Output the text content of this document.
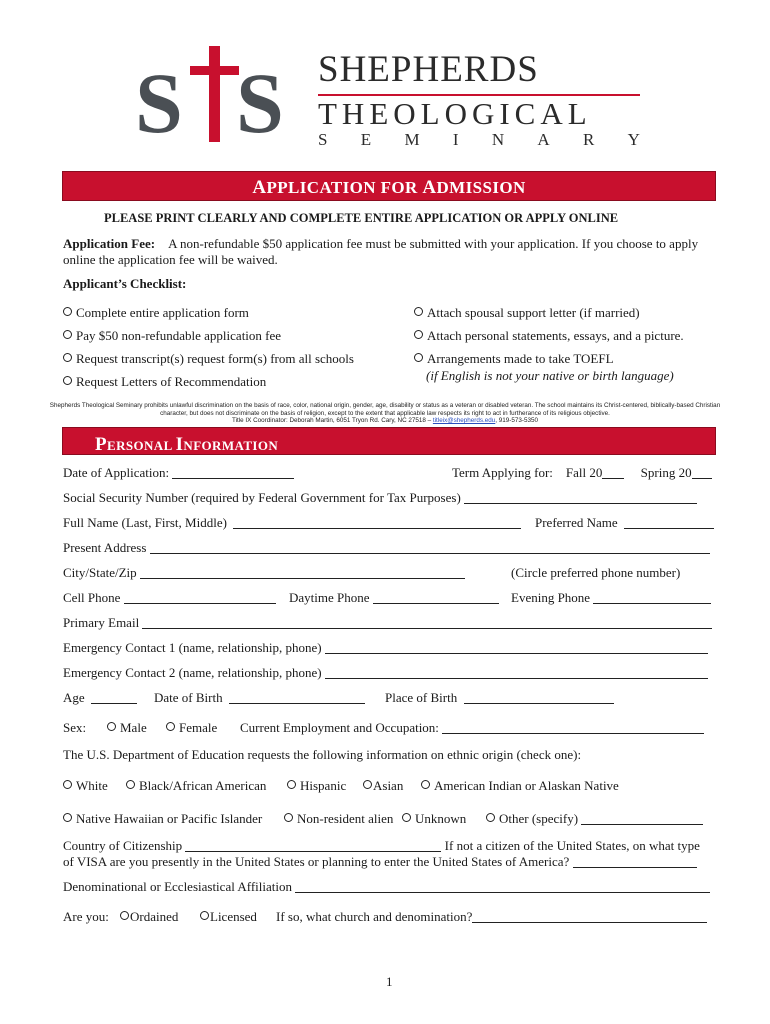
S S SHEPHERDS
THEOLOGICAL
S E M I N A R Y
APPLICATION FOR ADMISSION
PLEASE PRINT CLEARLY AND COMPLETE ENTIRE APPLICATION OR APPLY ONLINE
Application Fee: A non-refundable $50 application fee must be submitted with your application. If you choose to apply online the application fee will be waived.
Applicant’s Checklist:
Complete entire application form
Pay $50 non-refundable application fee
Request transcript(s) request form(s) from all schools
Request Letters of Recommendation
Attach spousal support letter (if married)
Attach personal statements, essays, and a picture.
Arrangements made to take TOEFL
(if English is not your native or birth language)
Shepherds Theological Seminary prohibits unlawful discrimination on the basis of race, color, national origin, gender, age, disability or status as a veteran or disabled veteran. The school maintains its Christ-centered, biblically-based Christian character, but does not discriminate on the basis of religion, except to the extent that applicable law respects its right to act in furtherance of its religious objective.
Title IX Coordinator: Deborah Martin, 6051 Tryon Rd. Cary, NC 27518 – titleix@shepherds.edu, 919-573-5350
PERSONAL INFORMATION
Date of Application:	Term Applying for: Fall 20	Spring 20
Social Security Number (required by Federal Government for Tax Purposes)
Full Name (Last, First, Middle)	Preferred Name
Present Address
City/State/Zip	(Circle preferred phone number)
Cell Phone	Daytime Phone	Evening Phone
Primary Email
Emergency Contact 1 (name, relationship, phone)
Emergency Contact 2 (name, relationship, phone)
Age	Date of Birth	Place of Birth
Sex:	Male	Female Current Employment and Occupation:
The U.S. Department of Education requests the following information on ethnic origin (check one):
White	Black/African American	Hispanic	Asian	American Indian or Alaskan Native
Native Hawaiian or Pacific Islander	Non-resident alien	Unknown	Other (specify)
Country of Citizenship	If not a citizen of the United States, on what type
of VISA are you presently in the United States or planning to enter the United States of America?
Denominational or Ecclesiastical Affiliation
Are you:	Ordained	Licensed If so, what church and denomination?
1
